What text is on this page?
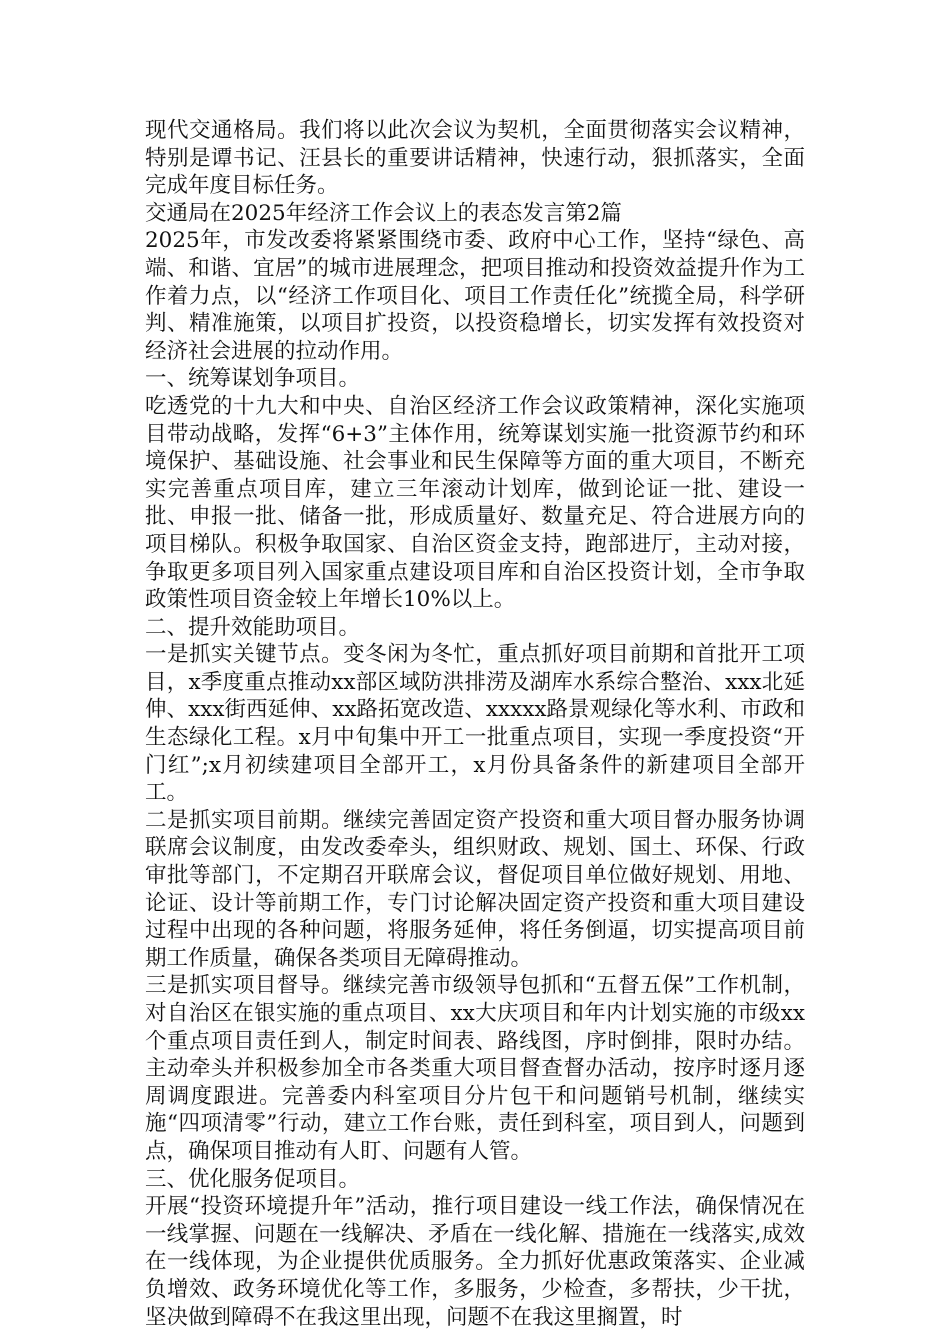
现代交通格局。我们将以此次会议为契机，全面贯彻落实会议精神，特别是谭书记、汪县长的重要讲话精神，快速行动，狠抓落实，全面完成年度目标任务。

交通局在2025年经济工作会议上的表态发言第2篇

2025年，市发改委将紧紧围绕市委、政府中心工作，坚持“绿色、高端、和谐、宜居”的城市进展理念，把项目推动和投资效益提升作为工作着力点，以“经济工作项目化、项目工作责任化”统揽全局，科学研判、精准施策，以项目扩投资，以投资稳增长，切实发挥有效投资对经济社会进展的拉动作用。

一、统筹谋划争项目。

吃透党的十九大和中央、自治区经济工作会议政策精神，深化实施项目带动战略，发挥“6+3”主体作用，统筹谋划实施一批资源节约和环境保护、基础设施、社会事业和民生保障等方面的重大项目，不断充实完善重点项目库，建立三年滚动计划库，做到论证一批、建设一批、申报一批、储备一批，形成质量好、数量充足、符合进展方向的项目梯队。积极争取国家、自治区资金支持，跑部进厅，主动对接，争取更多项目列入国家重点建设项目库和自治区投资计划，全市争取政策性项目资金较上年增长10%以上。

二、提升效能助项目。

一是抓实关键节点。变冬闲为冬忙，重点抓好项目前期和首批开工项目，x季度重点推动xx部区域防洪排涝及湖库水系综合整治、xxx北延伸、xxx街西延伸、xx路拓宽改造、xxxxx路景观绿化等水利、市政和生态绿化工程。x月中旬集中开工一批重点项目，实现一季度投资“开门红”;x月初续建项目全部开工，x月份具备条件的新建项目全部开工。

二是抓实项目前期。继续完善固定资产投资和重大项目督办服务协调联席会议制度，由发改委牵头，组织财政、规划、国土、环保、行政审批等部门，不定期召开联席会议，督促项目单位做好规划、用地、论证、设计等前期工作，专门讨论解决固定资产投资和重大项目建设过程中出现的各种问题，将服务延伸，将任务倒逼，切实提高项目前期工作质量，确保各类项目无障碍推动。

三是抓实项目督导。继续完善市级领导包抓和“五督五保”工作机制，对自治区在银实施的重点项目、xx大庆项目和年内计划实施的市级xx个重点项目责任到人，制定时间表、路线图，序时倒排，限时办结。主动牵头并积极参加全市各类重大项目督查督办活动，按序时逐月逐周调度跟进。完善委内科室项目分片包干和问题销号机制，继续实施“四项清零”行动，建立工作台账，责任到科室，项目到人，问题到点，确保项目推动有人盯、问题有人管。

三、优化服务促项目。

开展“投资环境提升年”活动，推行项目建设一线工作法，确保情况在一线掌握、问题在一线解决、矛盾在一线化解、措施在一线落实,成效在一线体现，为企业提供优质服务。全力抓好优惠政策落实、企业减负增效、政务环境优化等工作，多服务，少检查，多帮扶，少干扰，坚决做到障碍不在我这里出现，问题不在我这里搁置，时
